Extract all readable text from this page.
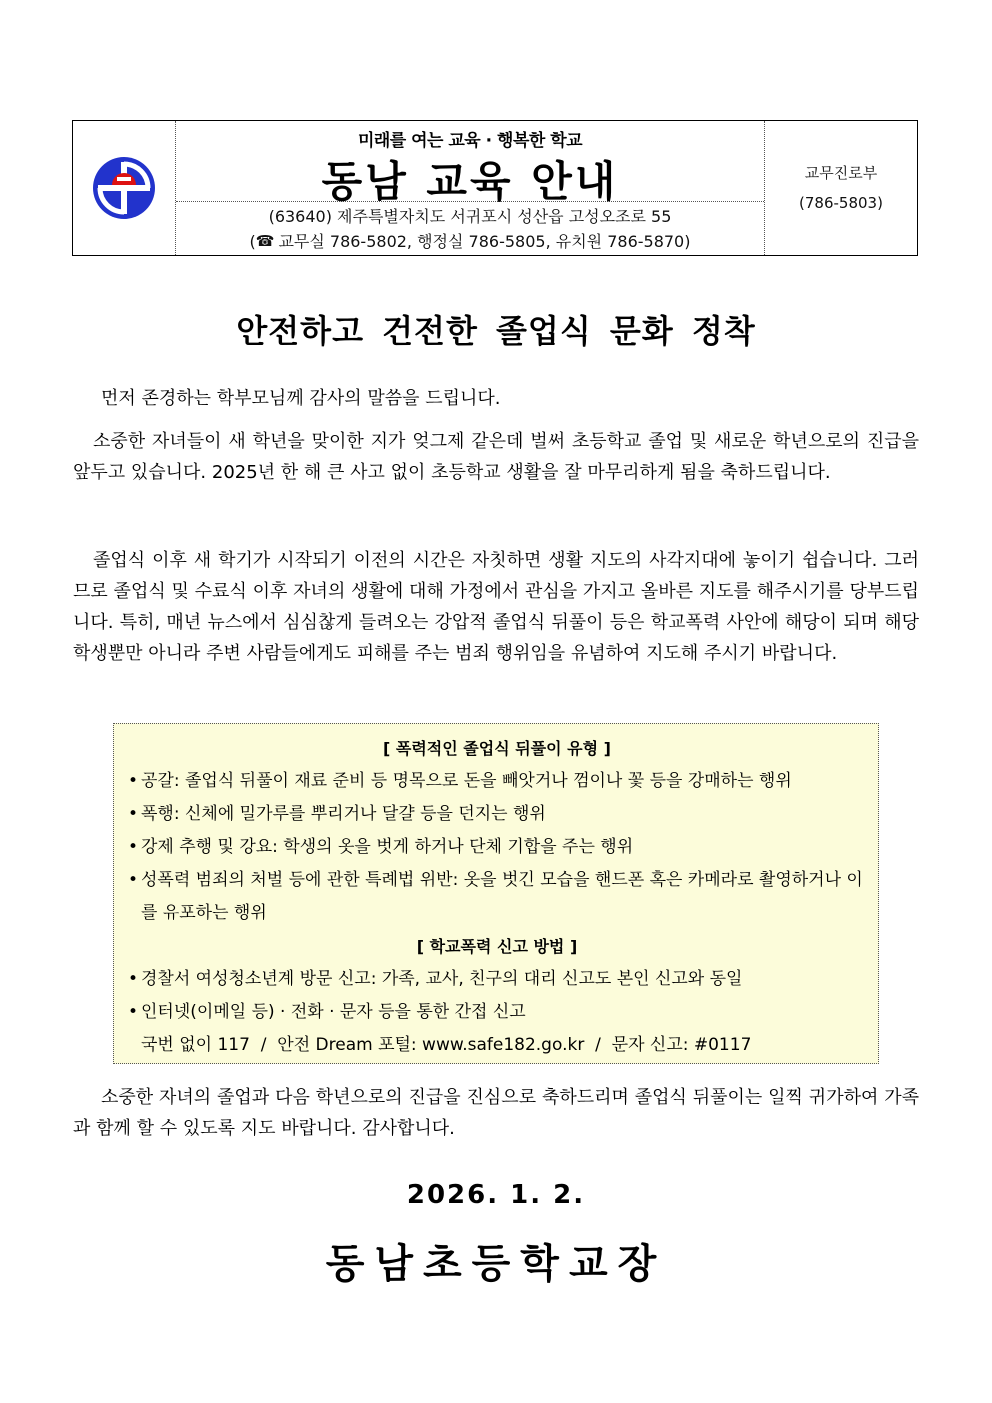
미래를 여는 교육 · 행복한 학교
동남 교육 안내
(63640) 제주특별자치도 서귀포시 성산읍 고성오조로 55
( ☎ 교무실 786-5802, 행정실 786-5805, 유치원 786-5870)
교무진로부
(786-5803)
안전하고 건전한 졸업식 문화 정착
먼저 존경하는 학부모님께 감사의 말씀을 드립니다.
소중한 자녀들이 새 학년을 맞이한 지가 엊그제 같은데 벌써 초등학교 졸업 및 새로운 학년으로의 진급을 앞두고 있습니다. 2025년 한 해 큰 사고 없이 초등학교 생활을 잘 마무리하게 됨을 축하드립니다.
졸업식 이후 새 학기가 시작되기 이전의 시간은 자칫하면 생활 지도의 사각지대에 놓이기 쉽습니다. 그러므로 졸업식 및 수료식 이후 자녀의 생활에 대해 가정에서 관심을 가지고 올바른 지도를 해주시기를 당부드립니다. 특히, 매년 뉴스에서 심심찮게 들려오는 강압적 졸업식 뒤풀이 등은 학교폭력 사안에 해당이 되며 해당 학생뿐만 아니라 주변 사람들에게도 피해를 주는 범죄 행위임을 유념하여 지도해 주시기 바랍니다.
[ 폭력적인 졸업식 뒤풀이 유형 ]
• 공갈: 졸업식 뒤풀이 재료 준비 등 명목으로 돈을 빼앗거나 껌이나 꽃 등을 강매하는 행위
• 폭행: 신체에 밀가루를 뿌리거나 달걀 등을 던지는 행위
• 강제 추행 및 강요: 학생의 옷을 벗게 하거나 단체 기합을 주는 행위
• 성폭력 범죄의 처벌 등에 관한 특례법 위반: 옷을 벗긴 모습을 핸드폰 혹은 카메라로 촬영하거나 이를 유포하는 행위
[ 학교폭력 신고 방법 ]
• 경찰서 여성청소년계 방문 신고: 가족, 교사, 친구의 대리 신고도 본인 신고와 동일
• 인터넷(이메일 등) · 전화 · 문자 등을 통한 간접 신고
국번 없이 117  /  안전 Dream 포털: www.safe182.go.kr  /  문자 신고: #0117
소중한 자녀의 졸업과 다음 학년으로의 진급을 진심으로 축하드리며 졸업식 뒤풀이는 일찍 귀가하여 가족과 함께 할 수 있도록 지도 바랍니다. 감사합니다.
2026. 1. 2.
동남초등학교장
